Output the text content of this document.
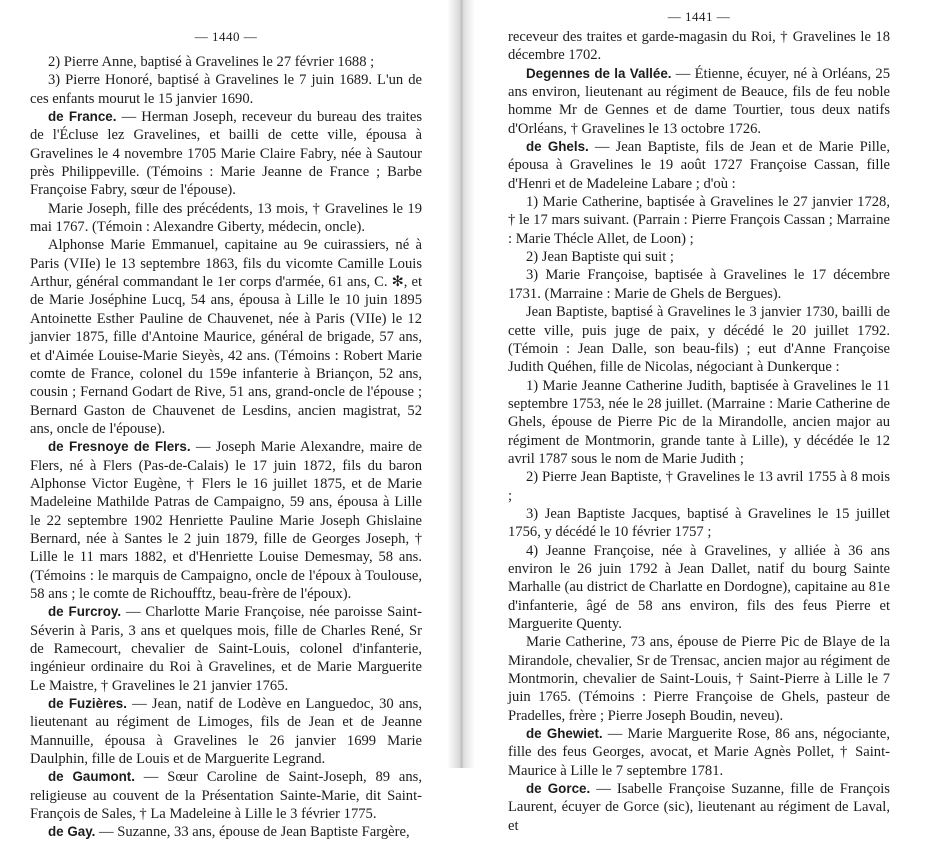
— 1440 —

2) Pierre Anne, baptisé à Gravelines le 27 février 1688 ;

3) Pierre Honoré, baptisé à Gravelines le 7 juin 1689. L'un de ces enfants mourut le 15 janvier 1690.

de France. — Herman Joseph, receveur du bureau des traites de l'Écluse lez Gravelines, et bailli de cette ville, épousa à Gravelines le 4 novembre 1705 Marie Claire Fabry, née à Sautour près Philippeville. (Témoins : Marie Jeanne de France ; Barbe Françoise Fabry, sœur de l'épouse).

Marie Joseph, fille des précédents, 13 mois, † Gravelines le 19 mai 1767. (Témoin : Alexandre Giberty, médecin, oncle).

Alphonse Marie Emmanuel, capitaine au 9e cuirassiers, né à Paris (VIIe) le 13 septembre 1863, fils du vicomte Camille Louis Arthur, général commandant le 1er corps d'armée, 61 ans, C. ✻, et de Marie Joséphine Lucq, 54 ans, épousa à Lille le 10 juin 1895 Antoinette Esther Pauline de Chauvenet, née à Paris (VIIe) le 12 janvier 1875, fille d'Antoine Maurice, général de brigade, 57 ans, et d'Aimée Louise-Marie Sieyès, 42 ans. (Témoins : Robert Marie comte de France, colonel du 159e infanterie à Briançon, 52 ans, cousin ; Fernand Godart de Rive, 51 ans, grand-oncle de l'épouse ; Bernard Gaston de Chauvenet de Lesdins, ancien magistrat, 52 ans, oncle de l'épouse).

de Fresnoye de Flers. — Joseph Marie Alexandre, maire de Flers, né à Flers (Pas-de-Calais) le 17 juin 1872, fils du baron Alphonse Victor Eugène, † Flers le 16 juillet 1875, et de Marie Madeleine Mathilde Patras de Campaigno, 59 ans, épousa à Lille le 22 septembre 1902 Henriette Pauline Marie Joseph Ghislaine Bernard, née à Santes le 2 juin 1879, fille de Georges Joseph, † Lille le 11 mars 1882, et d'Henriette Louise Demesmay, 58 ans. (Témoins : le marquis de Campaigno, oncle de l'époux à Toulouse, 58 ans ; le comte de Richoufftz, beau-frère de l'époux).

de Furcroy. — Charlotte Marie Françoise, née paroisse Saint-Séverin à Paris, 3 ans et quelques mois, fille de Charles René, Sr de Ramecourt, chevalier de Saint-Louis, colonel d'infanterie, ingénieur ordinaire du Roi à Gravelines, et de Marie Marguerite Le Maistre, † Gravelines le 21 janvier 1765.

de Fuzières. — Jean, natif de Lodève en Languedoc, 30 ans, lieutenant au régiment de Limoges, fils de Jean et de Jeanne Mannuille, épousa à Gravelines le 26 janvier 1699 Marie Daulphin, fille de Louis et de Marguerite Legrand.

de Gaumont. — Sœur Caroline de Saint-Joseph, 89 ans, religieuse au couvent de la Présentation Sainte-Marie, dit Saint-François de Sales, † La Madeleine à Lille le 3 février 1775.

de Gay. — Suzanne, 33 ans, épouse de Jean Baptiste Fargère,

— 1441 —

receveur des traites et garde-magasin du Roi, † Gravelines le 18 décembre 1702.

Degennes de la Vallée. — Étienne, écuyer, né à Orléans, 25 ans environ, lieutenant au régiment de Beauce, fils de feu noble homme Mr de Gennes et de dame Tourtier, tous deux natifs d'Orléans, † Gravelines le 13 octobre 1726.

de Ghels. — Jean Baptiste, fils de Jean et de Marie Pille, épousa à Gravelines le 19 août 1727 Françoise Cassan, fille d'Henri et de Madeleine Labare ; d'où :

1) Marie Catherine, baptisée à Gravelines le 27 janvier 1728, † le 17 mars suivant. (Parrain : Pierre François Cassan ; Marraine : Marie Thécle Allet, de Loon) ;

2) Jean Baptiste qui suit ;

3) Marie Françoise, baptisée à Gravelines le 17 décembre 1731. (Marraine : Marie de Ghels de Bergues).

Jean Baptiste, baptisé à Gravelines le 3 janvier 1730, bailli de cette ville, puis juge de paix, y décédé le 20 juillet 1792. (Témoin : Jean Dalle, son beau-fils) ; eut d'Anne Françoise Judith Quéhen, fille de Nicolas, négociant à Dunkerque :

1) Marie Jeanne Catherine Judith, baptisée à Gravelines le 11 septembre 1753, née le 28 juillet. (Marraine : Marie Catherine de Ghels, épouse de Pierre Pic de la Mirandolle, ancien major au régiment de Montmorin, grande tante à Lille), y décédée le 12 avril 1787 sous le nom de Marie Judith ;

2) Pierre Jean Baptiste, † Gravelines le 13 avril 1755 à 8 mois ;

3) Jean Baptiste Jacques, baptisé à Gravelines le 15 juillet 1756, y décédé le 10 février 1757 ;

4) Jeanne Françoise, née à Gravelines, y alliée à 36 ans environ le 26 juin 1792 à Jean Dallet, natif du bourg Sainte Marhalle (au district de Charlatte en Dordogne), capitaine au 81e d'infanterie, âgé de 58 ans environ, fils des feus Pierre et Marguerite Quenty.

Marie Catherine, 73 ans, épouse de Pierre Pic de Blaye de la Mirandole, chevalier, Sr de Trensac, ancien major au régiment de Montmorin, chevalier de Saint-Louis, † Saint-Pierre à Lille le 7 juin 1765. (Témoins : Pierre Françoise de Ghels, pasteur de Pradelles, frère ; Pierre Joseph Boudin, neveu).

de Ghewiet. — Marie Marguerite Rose, 86 ans, négociante, fille des feus Georges, avocat, et Marie Agnès Pollet, † Saint-Maurice à Lille le 7 septembre 1781.

de Gorce. — Isabelle Françoise Suzanne, fille de François Laurent, écuyer de Gorce (sic), lieutenant au régiment de Laval, et
